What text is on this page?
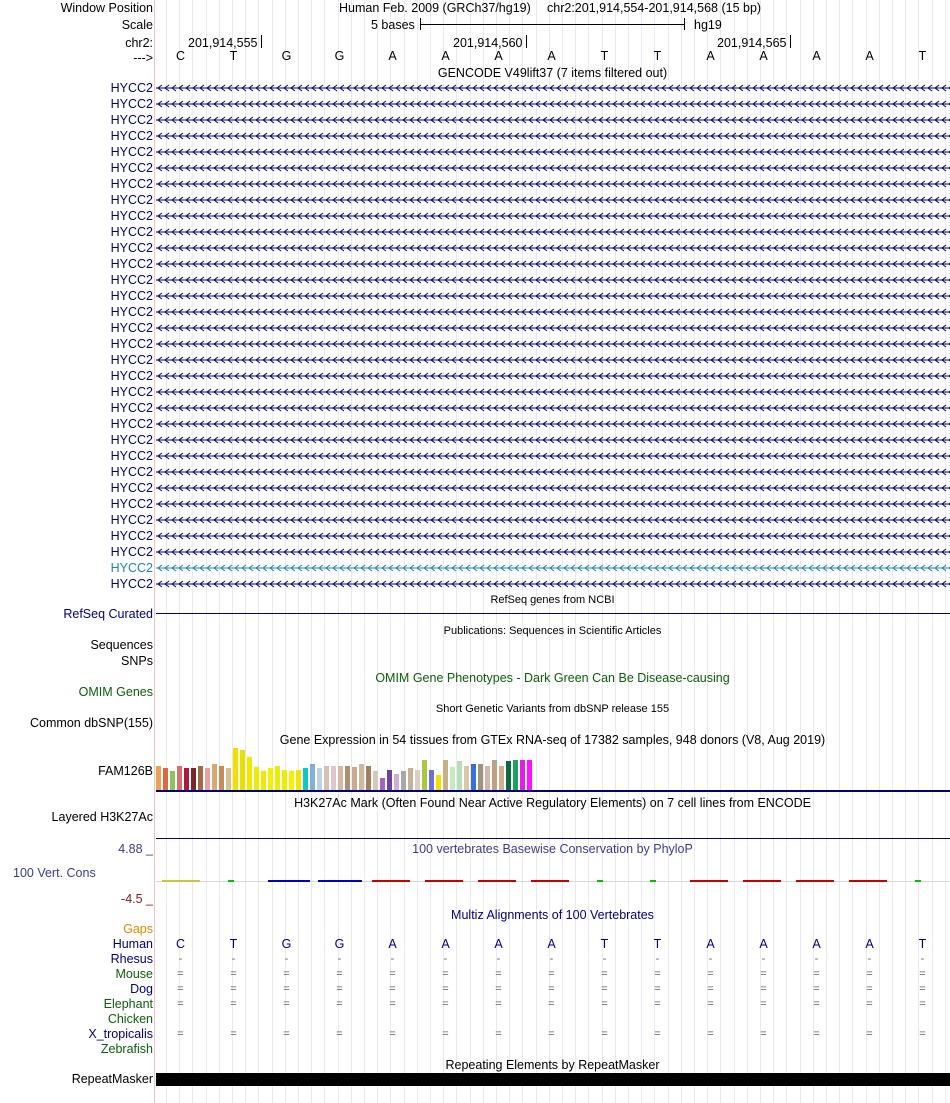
Window Position
Scale
chr2:
--->
Human Feb. 2009 (GRCh37/hg19) chr2:201,914,554-201,914,568 (15 bp)
5 bases	hg19
201,914,555	201,914,560	201,914,565
C	T	G	G	A	A	A	A	T	T	A	A	A	A	T
GENCODE V49lift37 (7 items filtered out)
HYCC2
HYCC2
HYCC2
HYCC2
HYCC2
HYCC2
HYCC2
HYCC2
HYCC2
HYCC2
HYCC2
HYCC2
HYCC2
HYCC2
HYCC2
HYCC2
HYCC2
HYCC2
HYCC2
HYCC2
HYCC2
HYCC2
HYCC2
HYCC2
HYCC2
HYCC2
HYCC2
HYCC2
HYCC2
HYCC2
HYCC2
HYCC2
RefSeq Curated
RefSeq genes from NCBI
Sequences
SNPs
Publications: Sequences in Scientific Articles
OMIM Genes
OMIM Gene Phenotypes - Dark Green Can Be Disease-causing
Common dbSNP(155)
Short Genetic Variants from dbSNP release 155
Gene Expression in 54 tissues from GTEx RNA-seq of 17382 samples, 948 donors (V8, Aug 2019)
FAM126B
H3K27Ac Mark (Often Found Near Active Regulatory Elements) on 7 cell lines from ENCODE
Layered H3K27Ac
100 vertebrates Basewise Conservation by PhyloP
4.88 _
100 Vert. Cons
-4.5 _
Multiz Alignments of 100 Vertebrates
Gaps
Human	C	T	G	G	A	A	A	A	T	T	A	A	A	A	T
Rhesus	-	-	-	-	-	-	-	-	-	-	-	-	-	-	-
Mouse	=	=	=	=	=	=	=	=	=	=	=	=	=	=	=
Dog	=	=	=	=	=	=	=	=	=	=	=	=	=	=	=
Elephant	=	=	=	=	=	=	=	=	=	=	=	=	=	=	=
Chicken
X_tropicalis	=	=	=	=	=	=	=	=	=	=	=	=	=	=	=
Zebrafish
Repeating Elements by RepeatMasker
RepeatMasker
